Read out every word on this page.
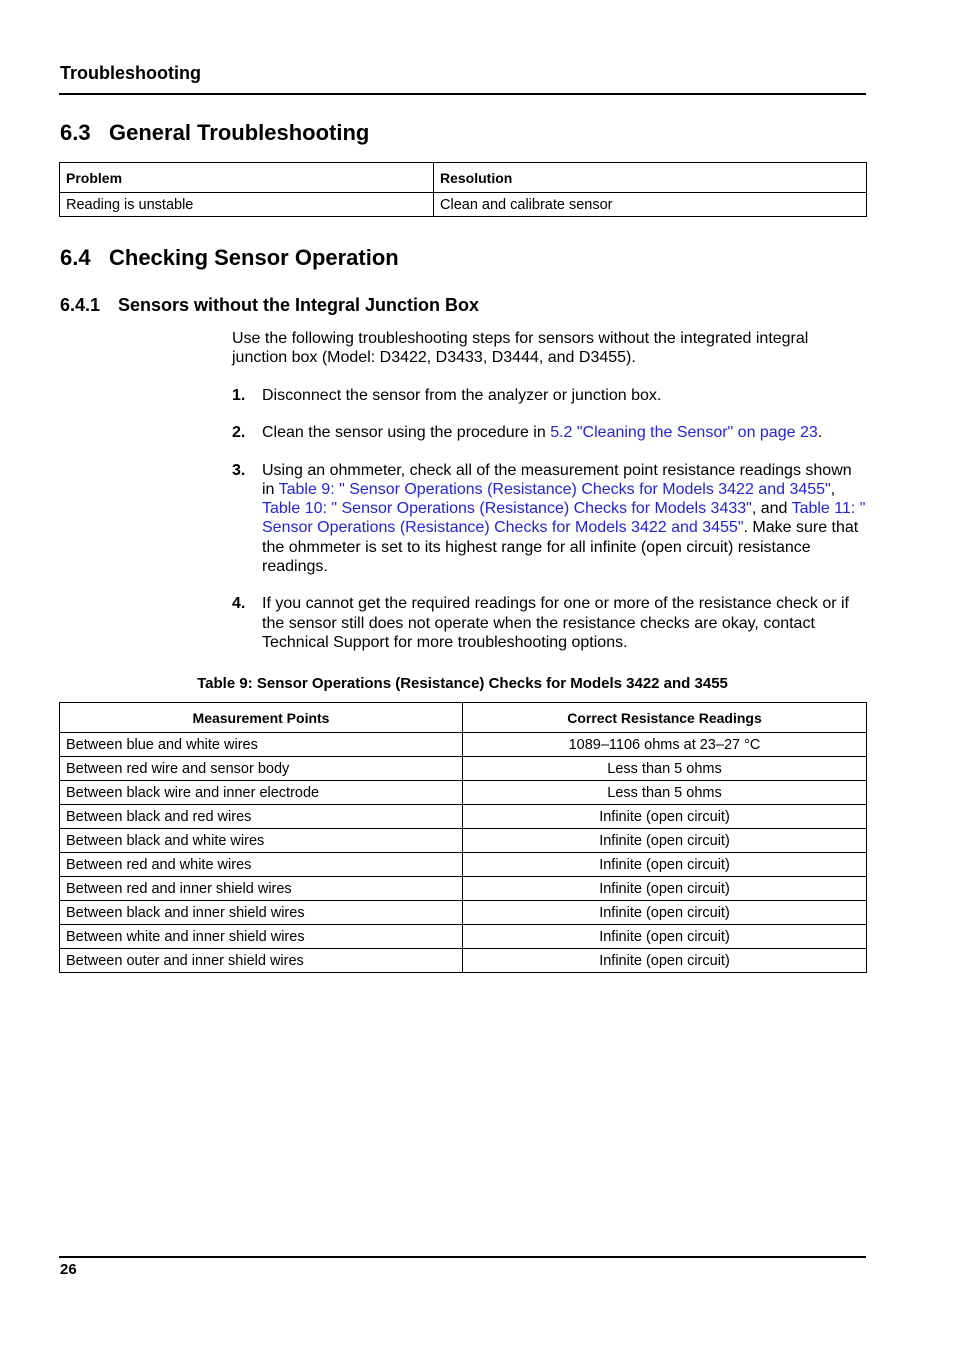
Troubleshooting
6.3 General Troubleshooting
Problem	Resolution
Reading is unstable	Clean and calibrate sensor
6.4 Checking Sensor Operation
6.4.1 Sensors without the Integral Junction Box

Use the following troubleshooting steps for sensors without the integrated integral junction box (Model: D3422, D3433, D3444, and D3455).

1. Disconnect the sensor from the analyzer or junction box.
2. Clean the sensor using the procedure in 5.2 "Cleaning the Sensor" on page 23.
3. Using an ohmmeter, check all of the measurement point resistance readings shown in Table 9: " Sensor Operations (Resistance) Checks for Models 3422 and 3455", Table 10: " Sensor Operations (Resistance) Checks for Models 3433", and Table 11: " Sensor Operations (Resistance) Checks for Models 3422 and 3455". Make sure that the ohmmeter is set to its highest range for all infinite (open circuit) resistance readings.
4. If you cannot get the required readings for one or more of the resistance check or if the sensor still does not operate when the resistance checks are okay, contact Technical Support for more troubleshooting options.
Table 9: Sensor Operations (Resistance) Checks for Models 3422 and 3455
Measurement Points	Correct Resistance Readings
Between blue and white wires	1089–1106 ohms at 23–27 °C
Between red wire and sensor body	Less than 5 ohms
Between black wire and inner electrode	Less than 5 ohms
Between black and red wires	Infinite (open circuit)
Between black and white wires	Infinite (open circuit)
Between red and white wires	Infinite (open circuit)
Between red and inner shield wires	Infinite (open circuit)
Between black and inner shield wires	Infinite (open circuit)
Between white and inner shield wires	Infinite (open circuit)
Between outer and inner shield wires	Infinite (open circuit)
26
